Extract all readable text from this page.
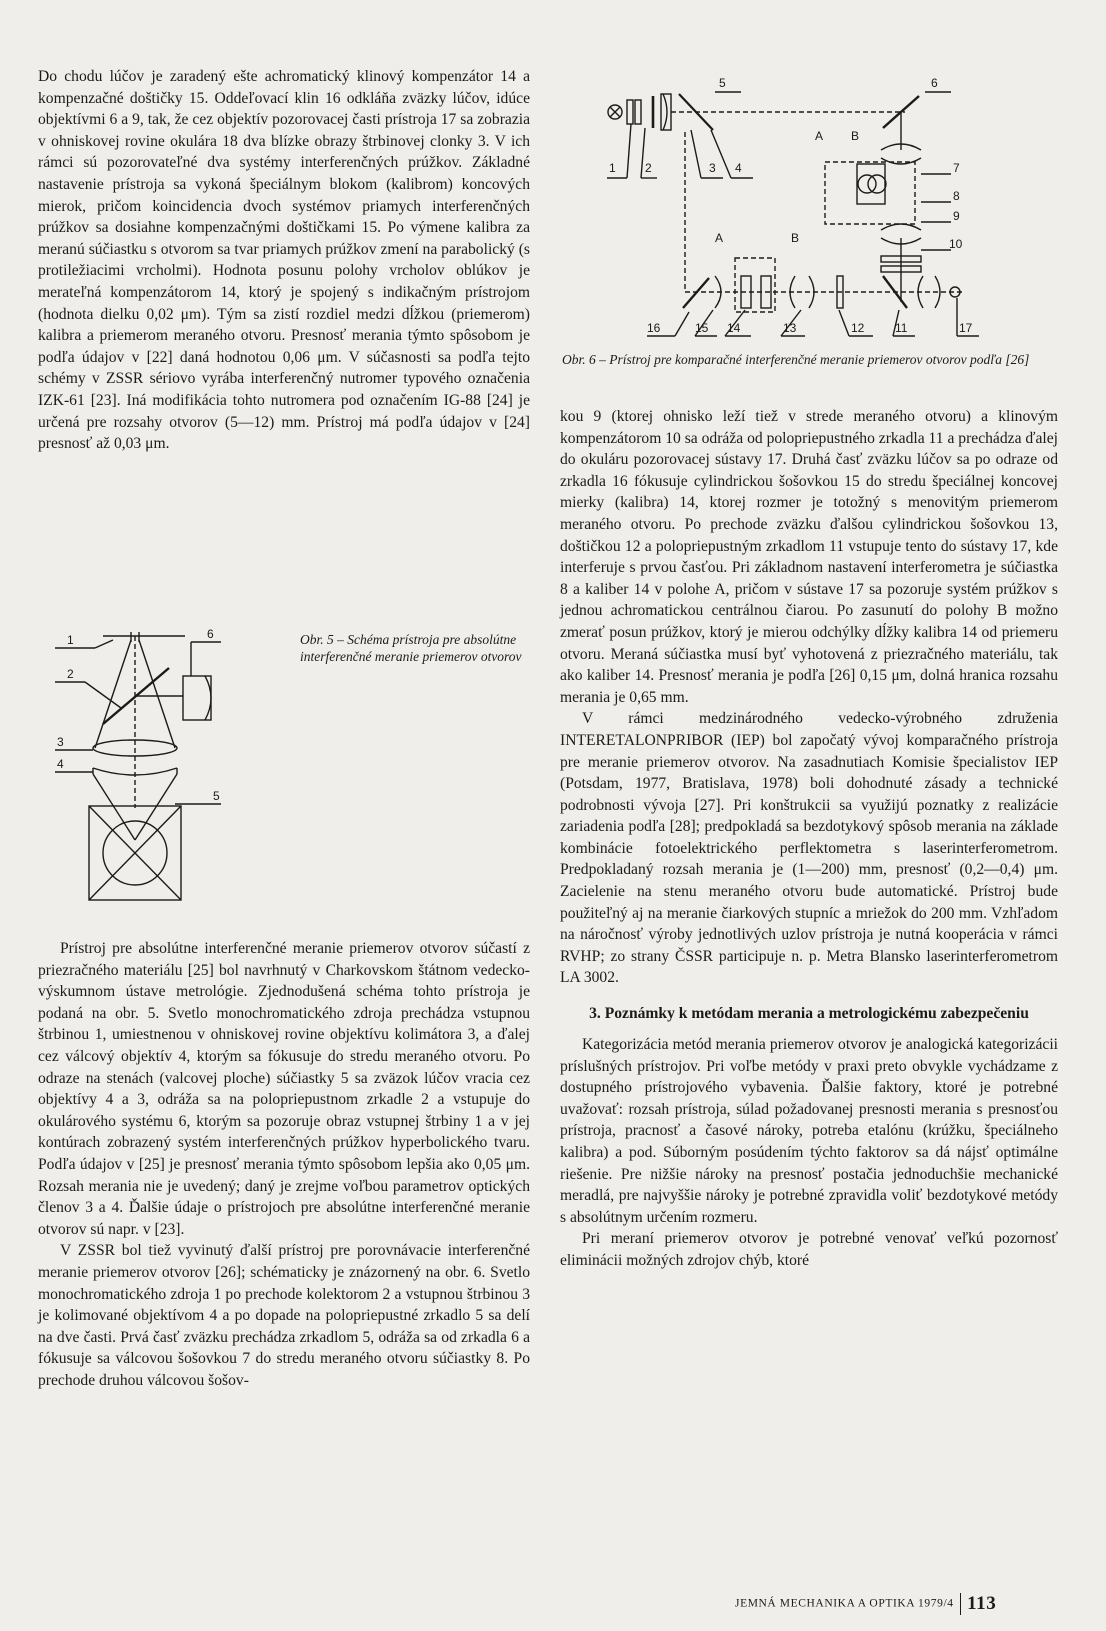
Do chodu lúčov je zaradený ešte achromatický klinový kompenzátor 14 a kompenzačné doštičky 15. Oddeľovací klin 16 odkláňa zväzky lúčov, idúce objektívmi 6 a 9, tak, že cez objektív pozorovacej časti prístroja 17 sa zobrazia v ohniskovej rovine okulára 18 dva blízke obrazy štrbinovej clonky 3. V ich rámci sú pozorovateľné dva systémy interferenčných prúžkov. Základné nastavenie prístroja sa vykoná špeciálnym blokom (kalibrom) koncových mierok, pričom koincidencia dvoch systémov priamych interferenčných prúžkov sa dosiahne kompenzačnými doštičkami 15. Po výmene kalibra za meranú súčiastku s otvorom sa tvar priamych prúžkov zmení na parabolický (s protiležiacimi vrcholmi). Hodnota posunu polohy vrcholov oblúkov je merateľná kompenzátorom 14, ktorý je spojený s indikačným prístrojom (hodnota dielku 0,02 μm). Tým sa zistí rozdiel medzi dĺžkou (priemerom) kalibra a priemerom meraného otvoru. Presnosť merania týmto spôsobom je podľa údajov v [22] daná hodnotou 0,06 μm. V súčasnosti sa podľa tejto schémy v ZSSR sériovo vyrába interferenčný nutromer typového označenia IZK-61 [23]. Iná modifikácia tohto nutromera pod označením IG-88 [24] je určená pre rozsahy otvorov (5—12) mm. Prístroj má podľa údajov v [24] presnosť až 0,03 μm.

1
2
3
4
5
6	Obr. 5 – Schéma prístroja pre absolútne interferenčné meranie priemerov otvorov

Prístroj pre absolútne interferenčné meranie priemerov otvorov súčastí z priezračného materiálu [25] bol navrhnutý v Charkovskom štátnom vedecko-výskumnom ústave metrológie. Zjednodušená schéma tohto prístroja je podaná na obr. 5. Svetlo monochromatického zdroja prechádza vstupnou štrbinou 1, umiestnenou v ohniskovej rovine objektívu kolimátora 3, a ďalej cez válcový objektív 4, ktorým sa fókusuje do stredu meraného otvoru. Po odraze na stenách (valcovej ploche) súčiastky 5 sa zväzok lúčov vracia cez objektívy 4 a 3, odráža sa na polopriepustnom zrkadle 2 a vstupuje do okulárového systému 6, ktorým sa pozoruje obraz vstupnej štrbiny 1 a v jej kontúrach zobrazený systém interferenčných prúžkov hyperbolického tvaru. Podľa údajov v [25] je presnosť merania týmto spôsobom lepšia ako 0,05 μm. Rozsah merania nie je uvedený; daný je zrejme voľbou parametrov optických členov 3 a 4. Ďalšie údaje o prístrojoch pre absolútne interferenčné meranie otvorov sú napr. v [23].

V ZSSR bol tiež vyvinutý ďalší prístroj pre porovnávacie interferenčné meranie priemerov otvorov [26]; schématicky je znázornený na obr. 6. Svetlo monochromatického zdroja 1 po prechode kolektorom 2 a vstupnou štrbinou 3 je kolimované objektívom 4 a po dopade na polopriepustné zrkadlo 5 sa delí na dve časti. Prvá časť zväzku prechádza zrkadlom 5, odráža sa od zrkadla 6 a fókusuje sa válcovou šošovkou 7 do stredu meraného otvoru súčiastky 8. Po prechode druhou válcovou šošov-

5	6
1 2	3 4	7
8
9
10
A B
A	B
16	15 14	13	12	11	17
Obr. 6 – Prístroj pre komparačné interferenčné meranie priemerov otvorov podľa [26]

kou 9 (ktorej ohnisko leží tiež v strede meraného otvoru) a klinovým kompenzátorom 10 sa odráža od polopriepustného zrkadla 11 a prechádza ďalej do okuláru pozorovacej sústavy 17. Druhá časť zväzku lúčov sa po odraze od zrkadla 16 fókusuje cylindrickou šošovkou 15 do stredu špeciálnej koncovej mierky (kalibra) 14, ktorej rozmer je totožný s menovitým priemerom meraného otvoru. Po prechode zväzku ďalšou cylindrickou šošovkou 13, doštičkou 12 a polopriepustným zrkadlom 11 vstupuje tento do sústavy 17, kde interferuje s prvou časťou. Pri základnom nastavení interferometra je súčiastka 8 a kaliber 14 v polohe A, pričom v sústave 17 sa pozoruje systém prúžkov s jednou achromatickou centrálnou čiarou. Po zasunutí do polohy B možno zmerať posun prúžkov, ktorý je mierou odchýlky dĺžky kalibra 14 od priemeru otvoru. Meraná súčiastka musí byť vyhotovená z priezračného materiálu, tak ako kaliber 14. Presnosť merania je podľa [26] 0,15 μm, dolná hranica rozsahu merania je 0,65 mm.

V rámci medzinárodného vedecko-výrobného združenia INTERETALONPRIBOR (IEP) bol započatý vývoj komparačného prístroja pre meranie priemerov otvorov. Na zasadnutiach Komisie špecialistov IEP (Potsdam, 1977, Bratislava, 1978) boli dohodnuté zásady a technické podrobnosti vývoja [27]. Pri konštrukcii sa využijú poznatky z realizácie zariadenia podľa [28]; predpokladá sa bezdotykový spôsob merania na základe kombinácie fotoelektrického perflektometra s laserinterferometrom. Predpokladaný rozsah merania je (1—200) mm, presnosť (0,2—0,4) μm. Zacielenie na stenu meraného otvoru bude automatické. Prístroj bude použiteľný aj na meranie čiarkových stupníc a mriežok do 200 mm. Vzhľadom na náročnosť výroby jednotlivých uzlov prístroja je nutná kooperácia v rámci RVHP; zo strany ČSSR participuje n. p. Metra Blansko laserinterferometrom LA 3002.

3. Poznámky k metódam merania a metrologickému zabezpečeniu

Kategorizácia metód merania priemerov otvorov je analogická kategorizácii príslušných prístrojov. Pri voľbe metódy v praxi preto obvykle vychádzame z dostupného prístrojového vybavenia. Ďalšie faktory, ktoré je potrebné uvažovať: rozsah prístroja, súlad požadovanej presnosti merania s presnosťou prístroja, pracnosť a časové nároky, potreba etalónu (krúžku, špeciálneho kalibra) a pod. Súborným posúdením týchto faktorov sa dá nájsť optimálne riešenie. Pre nižšie nároky na presnosť postačia jednoduchšie mechanické meradlá, pre najvyššie nároky je potrebné zpravidla voliť bezdotykové metódy s absolútnym určením rozmeru.

Pri meraní priemerov otvorov je potrebné venovať veľkú pozornosť eliminácii možných zdrojov chýb, ktoré

JEMNÁ MECHANIKA A OPTIKA 1979/4 113
